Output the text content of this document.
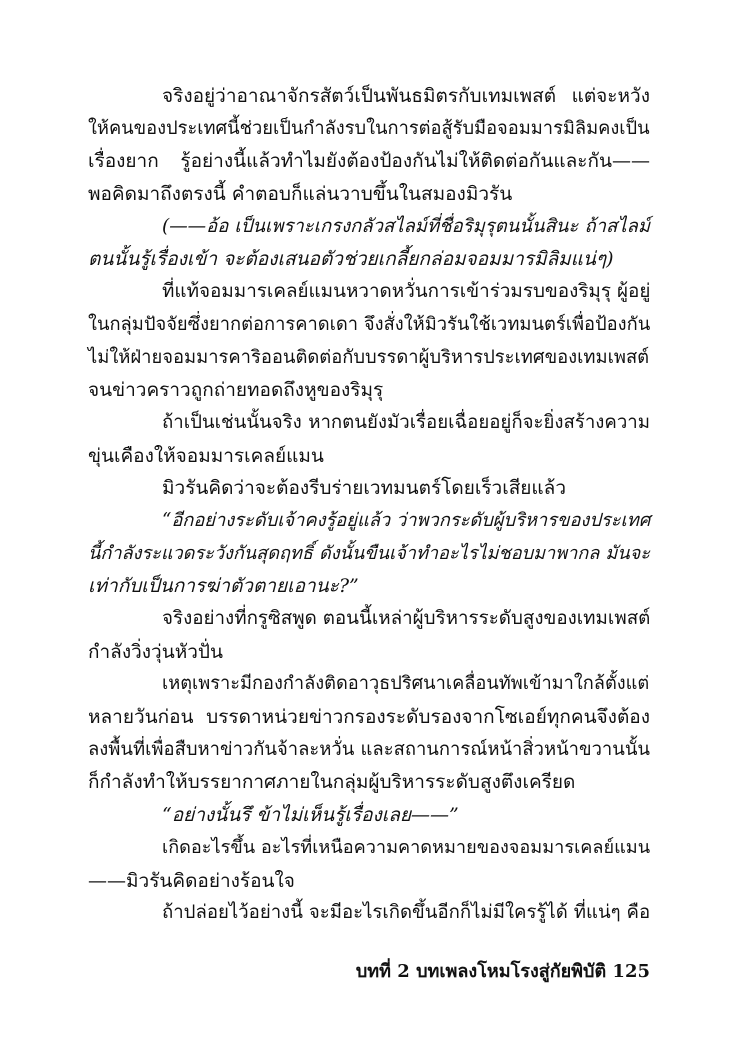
จริงอยู่ว่าอาณาจักรสัตว์เป็นพันธมิตรกับเทมเพสต์ แต่จะหวัง
ให้คนของประเทศนี้ช่วยเป็นกำลังรบในการต่อสู้รับมือจอมมารมิลิมคงเป็น
เรื่องยาก รู้อย่างนี้แล้วทำไมยังต้องป้องกันไม่ให้ติดต่อกันและกัน——
พอคิดมาถึงตรงนี้ คำตอบก็แล่นวาบขึ้นในสมองมิวรัน
(——อ้อ เป็นเพราะเกรงกลัวสไลม์ที่ชื่อริมุรุตนนั้นสินะ ถ้าสไลม์
ตนนั้นรู้เรื่องเข้า จะต้องเสนอตัวช่วยเกลี้ยกล่อมจอมมารมิลิมแน่ๆ)
ที่แท้จอมมารเคลย์แมนหวาดหวั่นการเข้าร่วมรบของริมุรุ ผู้อยู่
ในกลุ่มปัจจัยซึ่งยากต่อการคาดเดา จึงสั่งให้มิวรันใช้เวทมนตร์เพื่อป้องกัน
ไม่ให้ฝ่ายจอมมารคาริออนติดต่อกับบรรดาผู้บริหารประเทศของเทมเพสต์
จนข่าวคราวถูกถ่ายทอดถึงหูของริมุรุ
ถ้าเป็นเช่นนั้นจริง หากตนยังมัวเรื่อยเฉื่อยอยู่ก็จะยิ่งสร้างความ
ขุ่นเคืองให้จอมมารเคลย์แมน
มิวรันคิดว่าจะต้องรีบร่ายเวทมนตร์โดยเร็วเสียแล้ว
“อีกอย่างระดับเจ้าคงรู้อยู่แล้ว ว่าพวกระดับผู้บริหารของประเทศ
นี้กำลังระแวดระวังกันสุดฤทธิ์ ดังนั้นขืนเจ้าทำอะไรไม่ชอบมาพากล มันจะ
เท่ากับเป็นการฆ่าตัวตายเอานะ?”
จริงอย่างที่กรูซิสพูด ตอนนี้เหล่าผู้บริหารระดับสูงของเทมเพสต์
กำลังวิ่งวุ่นหัวปั่น
เหตุเพราะมีกองกำลังติดอาวุธปริศนาเคลื่อนทัพเข้ามาใกล้ตั้งแต่
หลายวันก่อน บรรดาหน่วยข่าวกรองระดับรองจากโซเอย์ทุกคนจึงต้อง
ลงพื้นที่เพื่อสืบหาข่าวกันจ้าละหวั่น และสถานการณ์หน้าสิ่วหน้าขวานนั้น
ก็กำลังทำให้บรรยากาศภายในกลุ่มผู้บริหารระดับสูงตึงเครียด
“อย่างนั้นรึ ข้าไม่เห็นรู้เรื่องเลย——”
เกิดอะไรขึ้น อะไรที่เหนือความคาดหมายของจอมมารเคลย์แมน
——มิวรันคิดอย่างร้อนใจ
ถ้าปล่อยไว้อย่างนี้ จะมีอะไรเกิดขึ้นอีกก็ไม่มีใครรู้ได้ ที่แน่ๆ คือ
บทที่ 2 บทเพลงโหมโรงสู่กัยพิบัติ 125
